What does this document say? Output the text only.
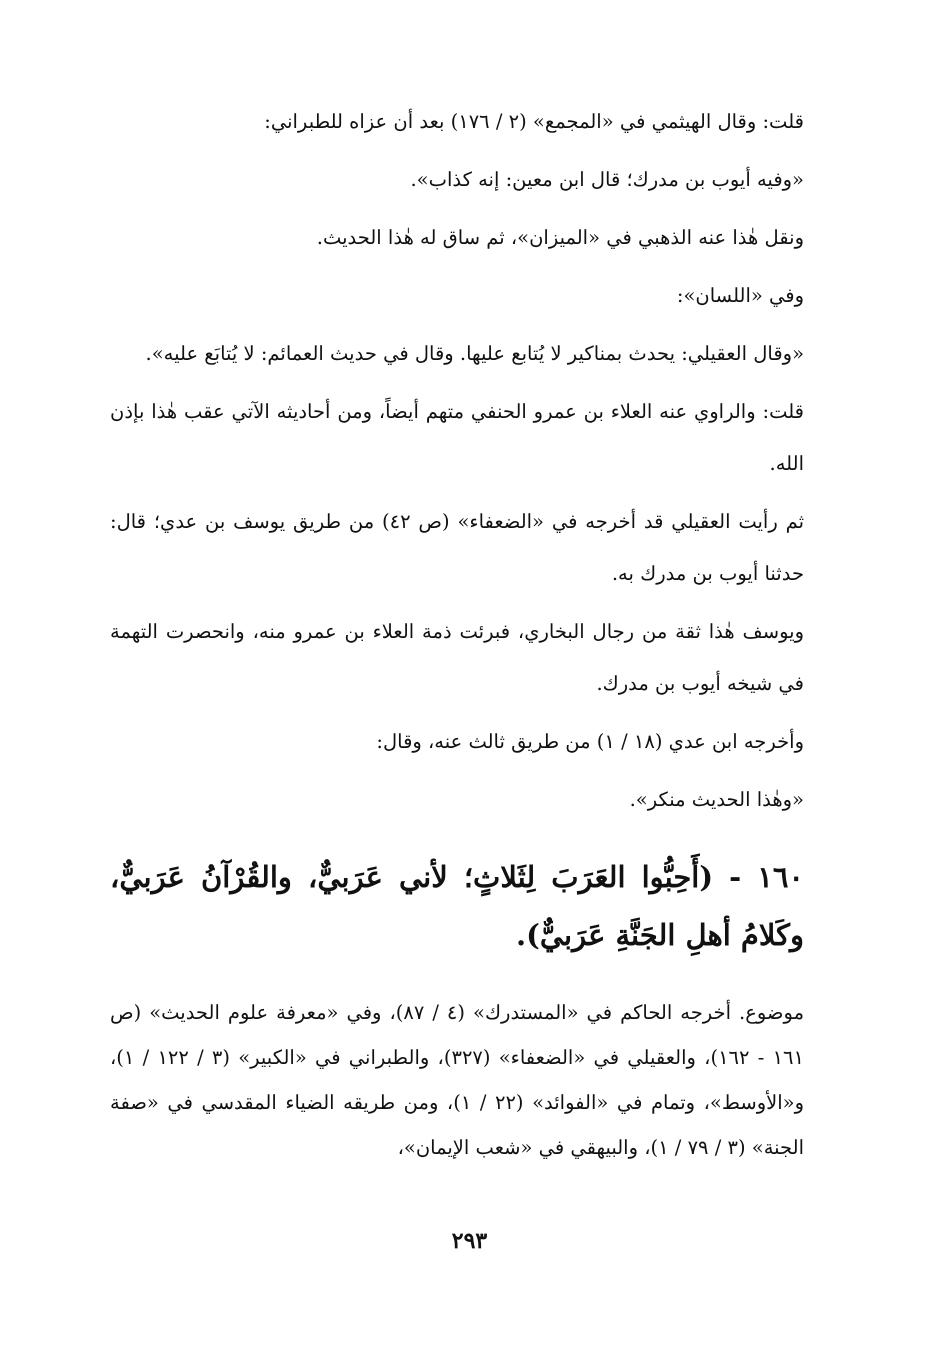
قلت: وقال الهيثمي في «المجمع» (٢ / ١٧٦) بعد أن عزاه للطبراني:

«وفيه أيوب بن مدرك؛ قال ابن معين: إنه كذاب».

ونقل هٰذا عنه الذهبي في «الميزان»، ثم ساق له هٰذا الحديث.

وفي «اللسان»:

«وقال العقيلي: يحدث بمناكير لا يُتابع عليها. وقال في حديث العمائم: لا يُتابَع عليه».

قلت: والراوي عنه العلاء بن عمرو الحنفي متهم أيضاً، ومن أحاديثه الآتي عقب هٰذا بإذن الله.

ثم رأيت العقيلي قد أخرجه في «الضعفاء» (ص ٤٢) من طريق يوسف بن عدي؛ قال: حدثنا أيوب بن مدرك به.

ويوسف هٰذا ثقة من رجال البخاري، فبرئت ذمة العلاء بن عمرو منه، وانحصرت التهمة في شيخه أيوب بن مدرك.

وأخرجه ابن عدي (١٨ / ١) من طريق ثالث عنه، وقال:

«وهٰذا الحديث منكر».

١٦٠ - (أَحِبُّوا العَرَبَ لِثَلاثٍ؛ لأني عَرَبيٌّ، والقُرْآنُ عَرَبيٌّ، وكَلامُ أهلِ الجَنَّةِ عَرَبيٌّ).

موضوع. أخرجه الحاكم في «المستدرك» (٤ / ٨٧)، وفي «معرفة علوم الحديث» (ص ١٦١ - ١٦٢)، والعقيلي في «الضعفاء» (٣٢٧)، والطبراني في «الكبير» (٣ / ١٢٢ / ١)، و«الأوسط»، وتمام في «الفوائد» (٢٢ / ١)، ومن طريقه الضياء المقدسي في «صفة الجنة» (٣ / ٧٩ / ١)، والبيهقي في «شعب الإيمان»،

٢٩٣
